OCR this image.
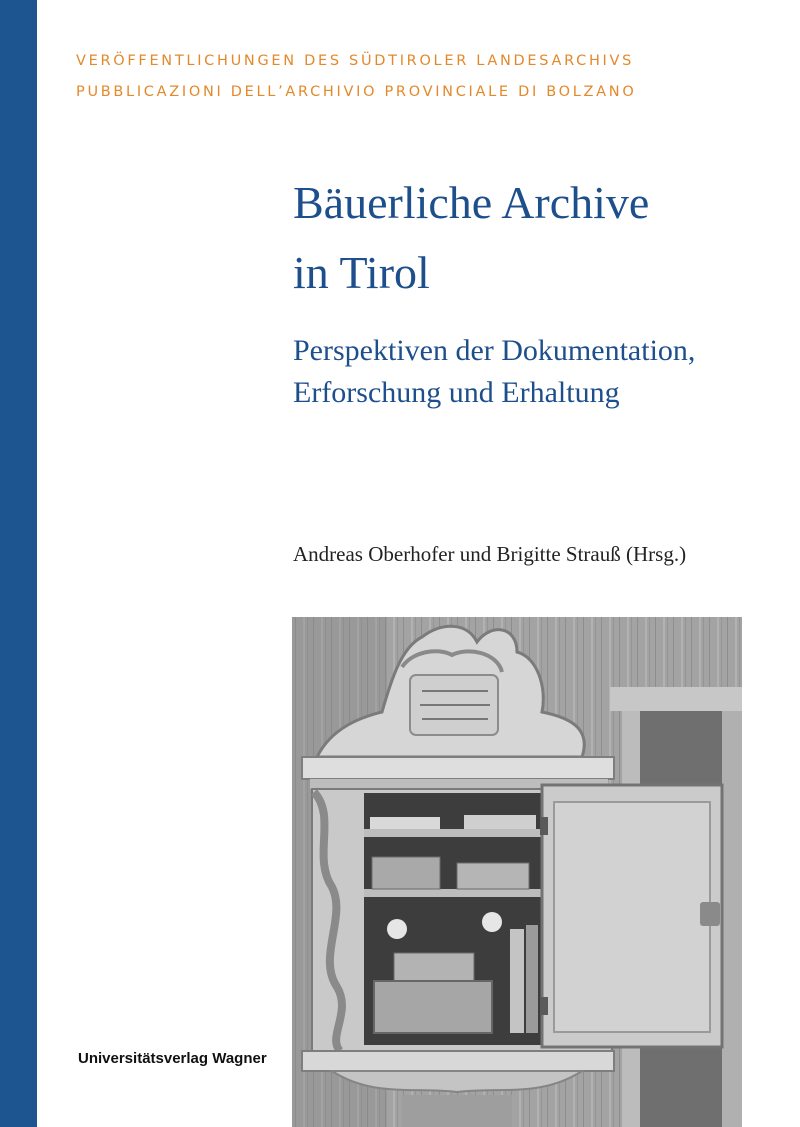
VERÖFFENTLICHUNGEN DES SÜDTIROLER LANDESARCHIVS
PUBBLICAZIONI DELL’ARCHIVIO PROVINCIALE DI BOLZANO
Bäuerliche Archive
in Tirol
Perspektiven der Dokumentation,
Erforschung und Erhaltung
Andreas Oberhofer und Brigitte Strauß (Hrsg.)
Universitätsverlag Wagner
